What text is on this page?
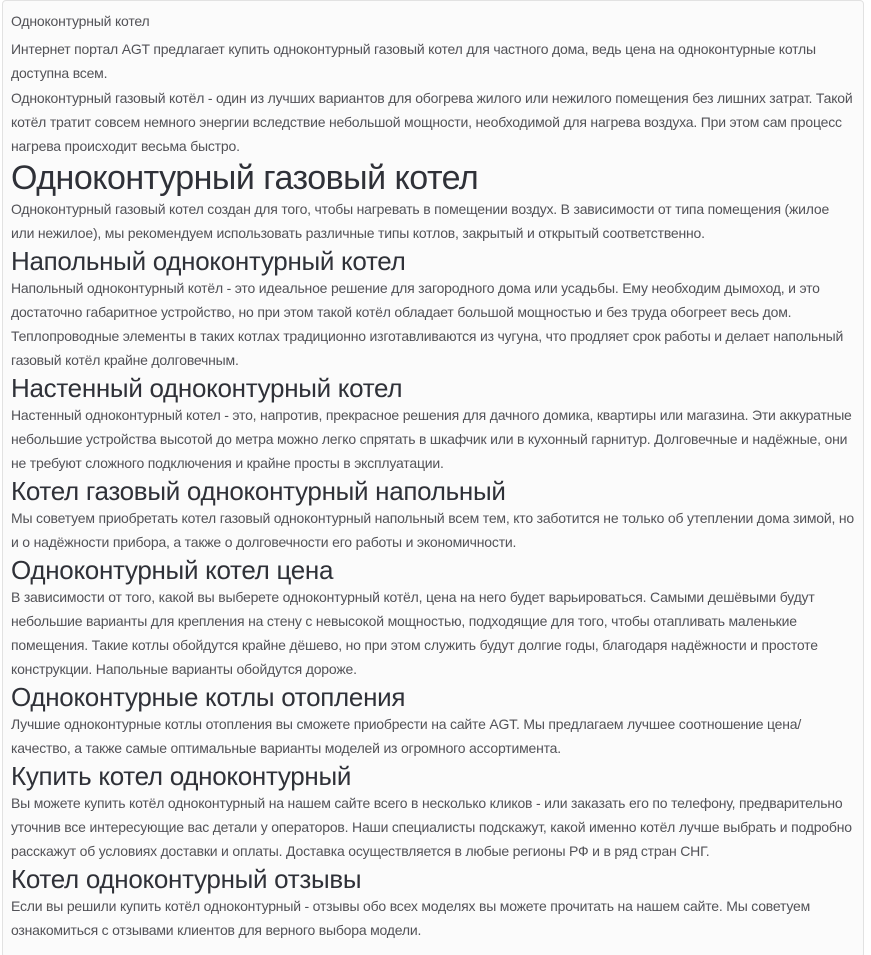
Одноконтурный котел

Интернет портал AGT предлагает купить одноконтурный газовый котел для частного дома, ведь цена на одноконтурные котлы доступна всем.

Одноконтурный газовый котёл - один из лучших вариантов для обогрева жилого или нежилого помещения без лишних затрат. Такой котёл тратит совсем немного энергии вследствие небольшой мощности, необходимой для нагрева воздуха. При этом сам процесс нагрева происходит весьма быстро.

Одноконтурный газовый котел

Одноконтурный газовый котел создан для того, чтобы нагревать в помещении воздух. В зависимости от типа помещения (жилое или нежилое), мы рекомендуем использовать различные типы котлов, закрытый и открытый соответственно.

Напольный одноконтурный котел

Напольный одноконтурный котёл - это идеальное решение для загородного дома или усадьбы. Ему необходим дымоход, и это достаточно габаритное устройство, но при этом такой котёл обладает большой мощностью и без труда обогреет весь дом. Теплопроводные элементы в таких котлах традиционно изготавливаются из чугуна, что продляет срок работы и делает напольный газовый котёл крайне долговечным.

Настенный одноконтурный котел

Настенный одноконтурный котел - это, напротив, прекрасное решения для дачного домика, квартиры или магазина. Эти аккуратные небольшие устройства высотой до метра можно легко спрятать в шкафчик или в кухонный гарнитур. Долговечные и надёжные, они не требуют сложного подключения и крайне просты в эксплуатации.

Котел газовый одноконтурный напольный

Мы советуем приобретать котел газовый одноконтурный напольный всем тем, кто заботится не только об утеплении дома зимой, но и о надёжности прибора, а также о долговечности его работы и экономичности.

Одноконтурный котел цена

В зависимости от того, какой вы выберете одноконтурный котёл, цена на него будет варьироваться. Самыми дешёвыми будут небольшие варианты для крепления на стену с невысокой мощностью, подходящие для того, чтобы отапливать маленькие помещения. Такие котлы обойдутся крайне дёшево, но при этом служить будут долгие годы, благодаря надёжности и простоте конструкции. Напольные варианты обойдутся дороже.

Одноконтурные котлы отопления

Лучшие одноконтурные котлы отопления вы сможете приобрести на сайте AGT. Мы предлагаем лучшее соотношение цена/ качество, а также самые оптимальные варианты моделей из огромного ассортимента.

Купить котел одноконтурный

Вы можете купить котёл одноконтурный на нашем сайте всего в несколько кликов - или заказать его по телефону, предварительно уточнив все интересующие вас детали у операторов. Наши специалисты подскажут, какой именно котёл лучше выбрать и подробно расскажут об условиях доставки и оплаты. Доставка осуществляется в любые регионы РФ и в ряд стран СНГ.

Котел одноконтурный отзывы

Если вы решили купить котёл одноконтурный - отзывы обо всех моделях вы можете прочитать на нашем сайте. Мы советуем ознакомиться с отзывами клиентов для верного выбора модели.
